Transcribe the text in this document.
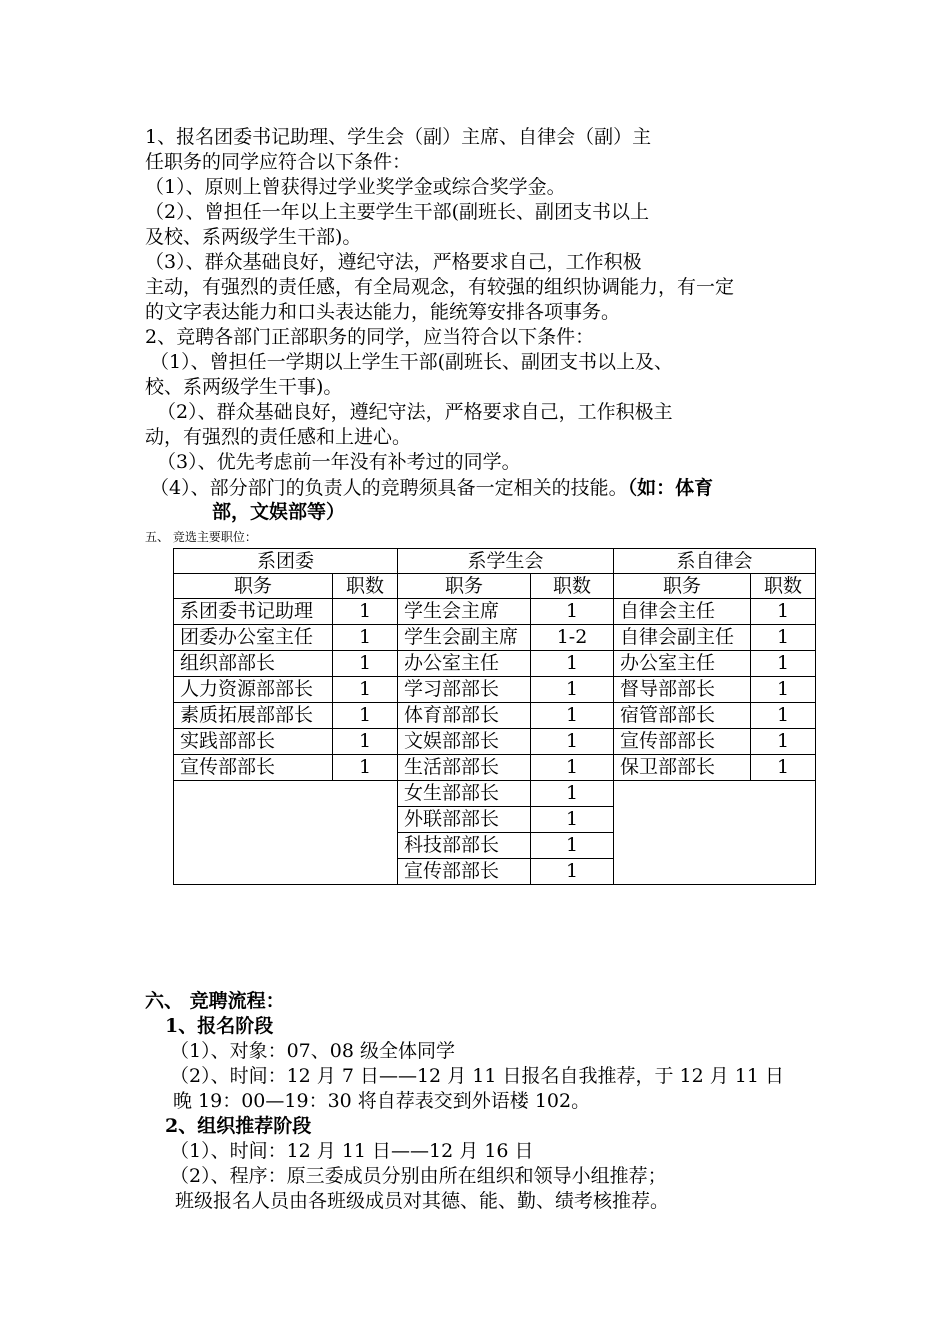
1、报名团委书记助理、学生会（副）主席、自律会（副）主
任职务的同学应符合以下条件：
（1）、原则上曾获得过学业奖学金或综合奖学金。
（2）、曾担任一年以上主要学生干部(副班长、副团支书以上
及校、系两级学生干部)。
（3）、群众基础良好，遵纪守法，严格要求自己，工作积极
主动，有强烈的责任感，有全局观念，有较强的组织协调能力，有一定
的文字表达能力和口头表达能力，能统筹安排各项事务。
2、竞聘各部门正部职务的同学，应当符合以下条件：
（1）、曾担任一学期以上学生干部(副班长、副团支书以上及、
校、系两级学生干事)。
（2）、群众基础良好，遵纪守法，严格要求自己，工作积极主
动，有强烈的责任感和上进心。
（3）、优先考虑前一年没有补考过的同学。
（4）、部分部门的负责人的竞聘须具备一定相关的技能。（如：体育
部，文娱部等）
五、 竞选主要职位：
系团委		系学生会		系自律会	
职务	职数	职务	职数	职务	职数
系团委书记助理	1	学生会主席	1	自律会主任	1
团委办公室主任	1	学生会副主席	1-2	自律会副主任	1
组织部部长	1	办公室主任	1	办公室主任	1
人力资源部部长	1	学习部部长	1	督导部部长	1
素质拓展部部长	1	体育部部长	1	宿管部部长	1
实践部部长	1	文娱部部长	1	宣传部部长	1
宣传部部长	1	生活部部长	1	保卫部部长	1
		女生部部长	1		
		外联部部长	1		
		科技部部长	1		
		宣传部部长	1		
六、 竞聘流程：
1、报名阶段
（1）、对象：07、08 级全体同学
（2）、时间：12 月 7 日——12 月 11 日报名自我推荐，于 12 月 11 日
晚 19：00—19：30 将自荐表交到外语楼 102。
2、组织推荐阶段
（1）、时间：12 月 11 日——12 月 16 日
（2）、程序：原三委成员分别由所在组织和领导小组推荐；
班级报名人员由各班级成员对其德、能、勤、绩考核推荐。
